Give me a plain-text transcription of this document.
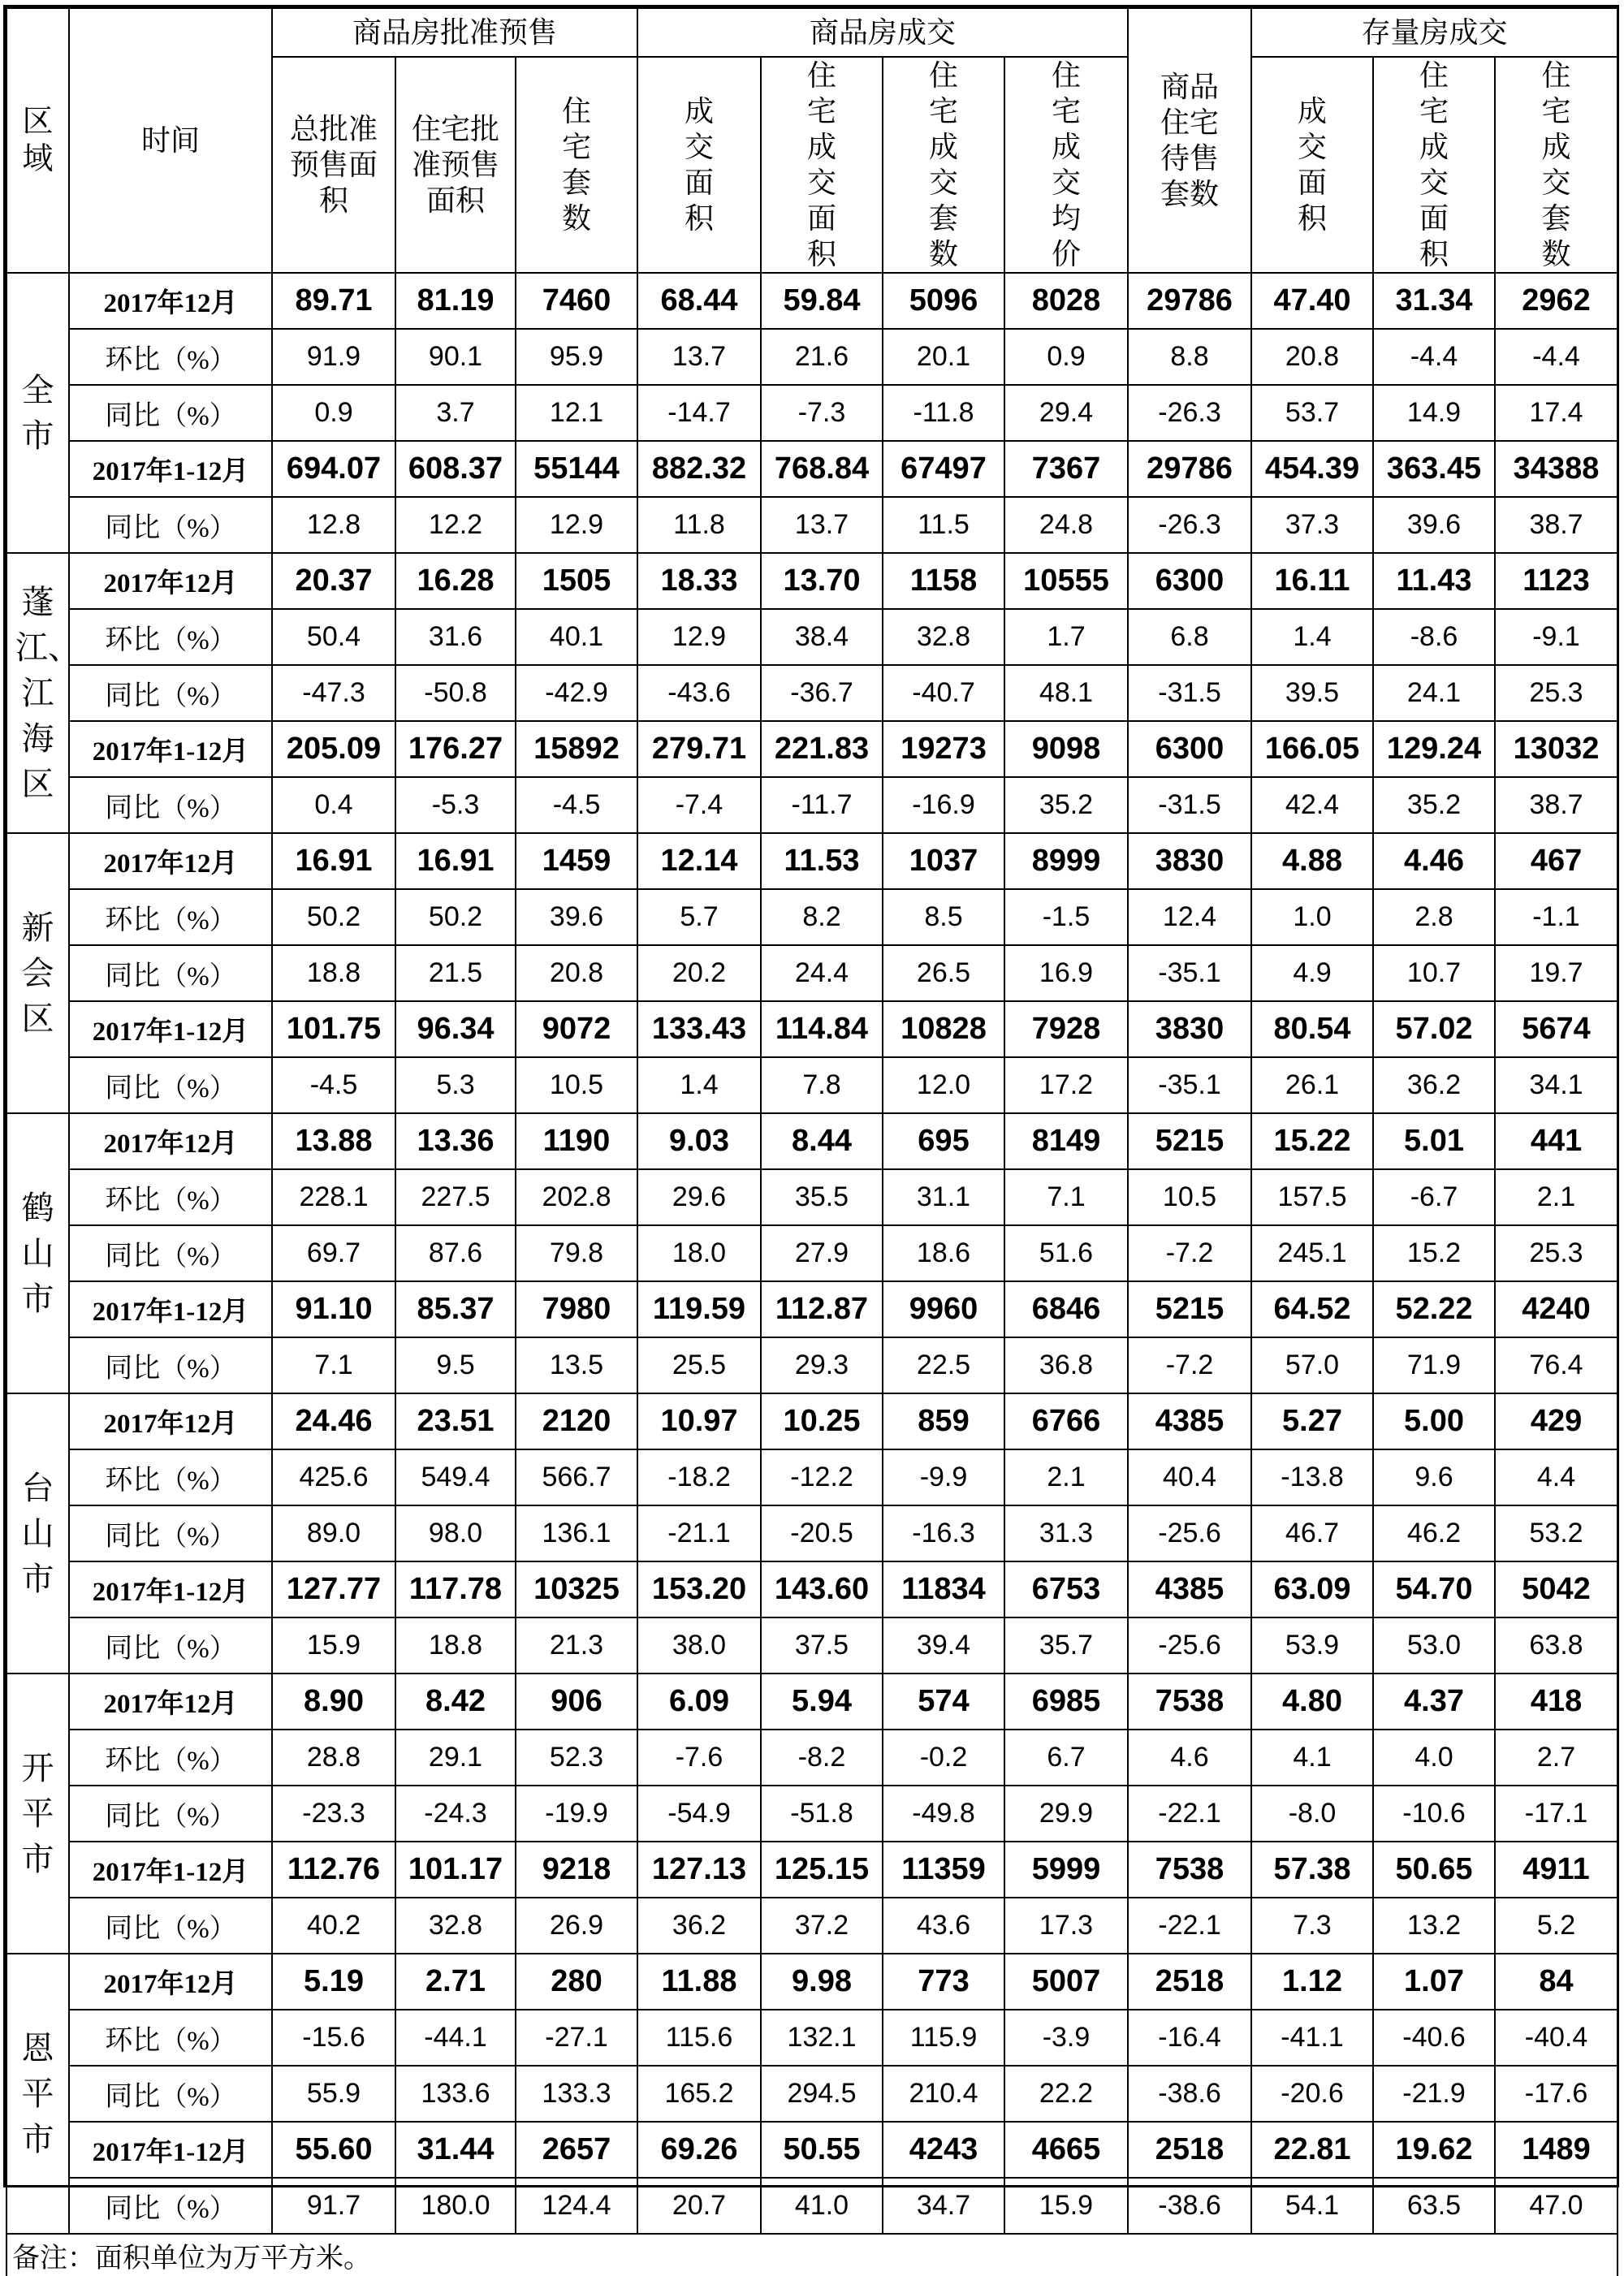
区域	时间	商品房批准预售			商品房成交				商品住宅待售套数	存量房成交		
		总批准预售面积	住宅批准预售面积	住宅套数	成交面积	住宅成交面积	住宅成交套数	住宅成交均价		成交面积	住宅成交面积	住宅成交套数
全市	2017年12月	89.71	81.19	7460	68.44	59.84	5096	8028	29786	47.40	31.34	2962
	环比（%）	91.9	90.1	95.9	13.7	21.6	20.1	0.9	8.8	20.8	-4.4	-4.4
	同比（%）	0.9	3.7	12.1	-14.7	-7.3	-11.8	29.4	-26.3	53.7	14.9	17.4
	2017年1-12月	694.07	608.37	55144	882.32	768.84	67497	7367	29786	454.39	363.45	34388
	同比（%）	12.8	12.2	12.9	11.8	13.7	11.5	24.8	-26.3	37.3	39.6	38.7
蓬江、江海区	2017年12月	20.37	16.28	1505	18.33	13.70	1158	10555	6300	16.11	11.43	1123
	环比（%）	50.4	31.6	40.1	12.9	38.4	32.8	1.7	6.8	1.4	-8.6	-9.1
	同比（%）	-47.3	-50.8	-42.9	-43.6	-36.7	-40.7	48.1	-31.5	39.5	24.1	25.3
	2017年1-12月	205.09	176.27	15892	279.71	221.83	19273	9098	6300	166.05	129.24	13032
	同比（%）	0.4	-5.3	-4.5	-7.4	-11.7	-16.9	35.2	-31.5	42.4	35.2	38.7
新会区	2017年12月	16.91	16.91	1459	12.14	11.53	1037	8999	3830	4.88	4.46	467
	环比（%）	50.2	50.2	39.6	5.7	8.2	8.5	-1.5	12.4	1.0	2.8	-1.1
	同比（%）	18.8	21.5	20.8	20.2	24.4	26.5	16.9	-35.1	4.9	10.7	19.7
	2017年1-12月	101.75	96.34	9072	133.43	114.84	10828	7928	3830	80.54	57.02	5674
	同比（%）	-4.5	5.3	10.5	1.4	7.8	12.0	17.2	-35.1	26.1	36.2	34.1
鹤山市	2017年12月	13.88	13.36	1190	9.03	8.44	695	8149	5215	15.22	5.01	441
	环比（%）	228.1	227.5	202.8	29.6	35.5	31.1	7.1	10.5	157.5	-6.7	2.1
	同比（%）	69.7	87.6	79.8	18.0	27.9	18.6	51.6	-7.2	245.1	15.2	25.3
	2017年1-12月	91.10	85.37	7980	119.59	112.87	9960	6846	5215	64.52	52.22	4240
	同比（%）	7.1	9.5	13.5	25.5	29.3	22.5	36.8	-7.2	57.0	71.9	76.4
台山市	2017年12月	24.46	23.51	2120	10.97	10.25	859	6766	4385	5.27	5.00	429
	环比（%）	425.6	549.4	566.7	-18.2	-12.2	-9.9	2.1	40.4	-13.8	9.6	4.4
	同比（%）	89.0	98.0	136.1	-21.1	-20.5	-16.3	31.3	-25.6	46.7	46.2	53.2
	2017年1-12月	127.77	117.78	10325	153.20	143.60	11834	6753	4385	63.09	54.70	5042
	同比（%）	15.9	18.8	21.3	38.0	37.5	39.4	35.7	-25.6	53.9	53.0	63.8
开平市	2017年12月	8.90	8.42	906	6.09	5.94	574	6985	7538	4.80	4.37	418
	环比（%）	28.8	29.1	52.3	-7.6	-8.2	-0.2	6.7	4.6	4.1	4.0	2.7
	同比（%）	-23.3	-24.3	-19.9	-54.9	-51.8	-49.8	29.9	-22.1	-8.0	-10.6	-17.1
	2017年1-12月	112.76	101.17	9218	127.13	125.15	11359	5999	7538	57.38	50.65	4911
	同比（%）	40.2	32.8	26.9	36.2	37.2	43.6	17.3	-22.1	7.3	13.2	5.2
恩平市	2017年12月	5.19	2.71	280	11.88	9.98	773	5007	2518	1.12	1.07	84
	环比（%）	-15.6	-44.1	-27.1	115.6	132.1	115.9	-3.9	-16.4	-41.1	-40.6	-40.4
	同比（%）	55.9	133.6	133.3	165.2	294.5	210.4	22.2	-38.6	-20.6	-21.9	-17.6
	2017年1-12月	55.60	31.44	2657	69.26	50.55	4243	4665	2518	22.81	19.62	1489
	同比（%）	91.7	180.0	124.4	20.7	41.0	34.7	15.9	-38.6	54.1	63.5	47.0
备注：面积单位为万平方米。												
